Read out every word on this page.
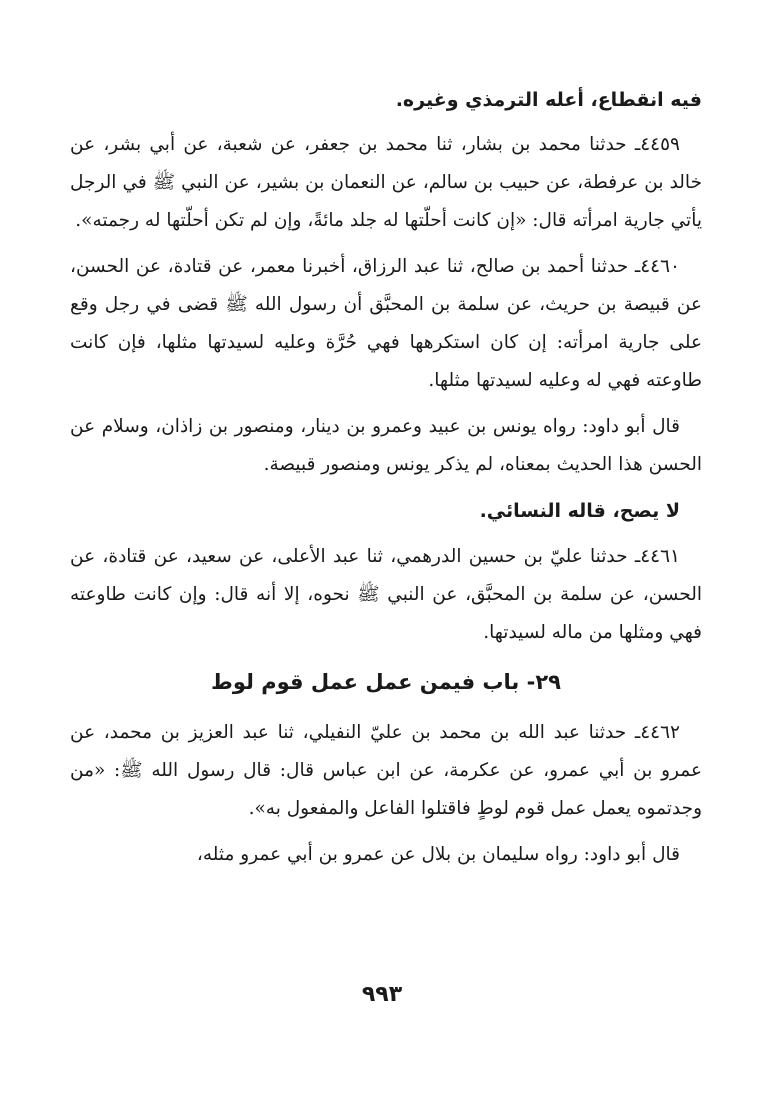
فيه انقطاع، أعله الترمذي وغيره.

٤٤٥٩ـ حدثنا محمد بن بشار، ثنا محمد بن جعفر، عن شعبة، عن أبي بشر، عن خالد بن عرفطة، عن حبيب بن سالم، عن النعمان بن بشير، عن النبي ﷺ في الرجل يأتي جارية امرأته قال: «إن كانت أحلّتها له جلد مائةً، وإن لم تكن أحلّتها له رجمته».

٤٤٦٠ـ حدثنا أحمد بن صالح، ثنا عبد الرزاق، أخبرنا معمر، عن قتادة، عن الحسن، عن قبيصة بن حريث، عن سلمة بن المحبَّق أن رسول الله ﷺ قضى في رجل وقع على جارية امرأته: إن كان استكرهها فهي حُرَّة وعليه لسيدتها مثلها، فإن كانت طاوعته فهي له وعليه لسيدتها مثلها.

قال أبو داود: رواه يونس بن عبيد وعمرو بن دينار، ومنصور بن زاذان، وسلام عن الحسن هذا الحديث بمعناه، لم يذكر يونس ومنصور قبيصة.

لا يصح، قاله النسائي.

٤٤٦١ـ حدثنا عليّ بن حسين الدرهمي، ثنا عبد الأعلى، عن سعيد، عن قتادة، عن الحسن، عن سلمة بن المحبَّق، عن النبي ﷺ نحوه، إلا أنه قال: وإن كانت طاوعته فهي ومثلها من ماله لسيدتها.

٢٩- باب فيمن عمل عمل قوم لوط

٤٤٦٢ـ حدثنا عبد الله بن محمد بن عليّ النفيلي، ثنا عبد العزيز بن محمد، عن عمرو بن أبي عمرو، عن عكرمة، عن ابن عباس قال: قال رسول الله ﷺ: «من وجدتموه يعمل عمل قوم لوطٍ فاقتلوا الفاعل والمفعول به».

قال أبو داود: رواه سليمان بن بلال عن عمرو بن أبي عمرو مثله،

٩٩٣
